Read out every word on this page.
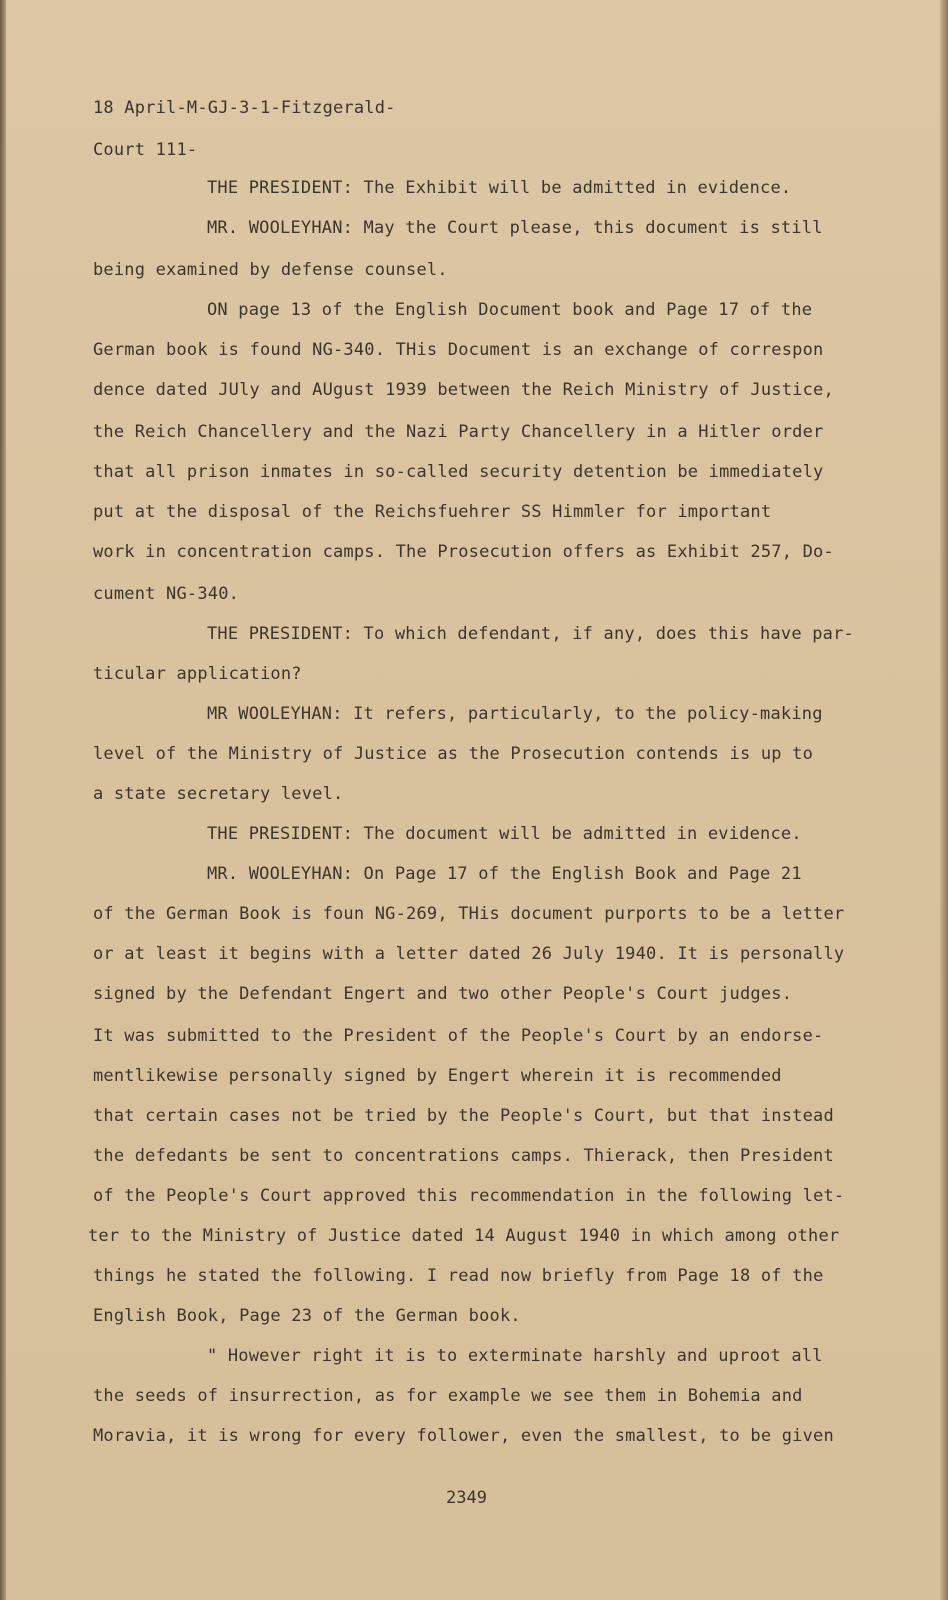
18 April-M-GJ-3-1-Fitzgerald-
Court 111-
THE PRESIDENT: The Exhibit will be admitted in evidence.
MR. WOOLEYHAN: May the Court please, this document is still
being examined by defense counsel.
ON page 13 of the English Document book and Page 17 of the
German book is found NG-340. THis Document is an exchange of correspon
dence dated JUly and AUgust 1939 between the Reich Ministry of Justice,
the Reich Chancellery and the Nazi Party Chancellery in a Hitler order
that all prison inmates in so-called security detention be immediately
put at the disposal of the Reichsfuehrer SS Himmler for important
work in concentration camps. The Prosecution offers as Exhibit 257, Do-
cument NG-340.
THE PRESIDENT: To which defendant, if any, does this have par-
ticular application?
MR WOOLEYHAN: It refers, particularly, to the policy-making
level of the Ministry of Justice as the Prosecution contends is up to
a state secretary level.
THE PRESIDENT: The document will be admitted in evidence.
MR. WOOLEYHAN: On Page 17 of the English Book and Page 21
of the German Book is foun NG-269, THis document purports to be a letter
or at least it begins with a letter dated 26 July 1940. It is personally
signed by the Defendant Engert and two other People's Court judges.
It was submitted to the President of the People's Court by an endorse-
mentlikewise personally signed by Engert wherein it is recommended
that certain cases not be tried by the People's Court, but that instead
the defedants be sent to concentrations camps. Thierack, then President
of the People's Court approved this recommendation in the following let-
ter to the Ministry of Justice dated 14 August 1940 in which among other
things he stated the following. I read now briefly from Page 18 of the
English Book, Page 23 of the German book.
" However right it is to exterminate harshly and uproot all
the seeds of insurrection, as for example we see them in Bohemia and
Moravia, it is wrong for every follower, even the smallest, to be given
2349
